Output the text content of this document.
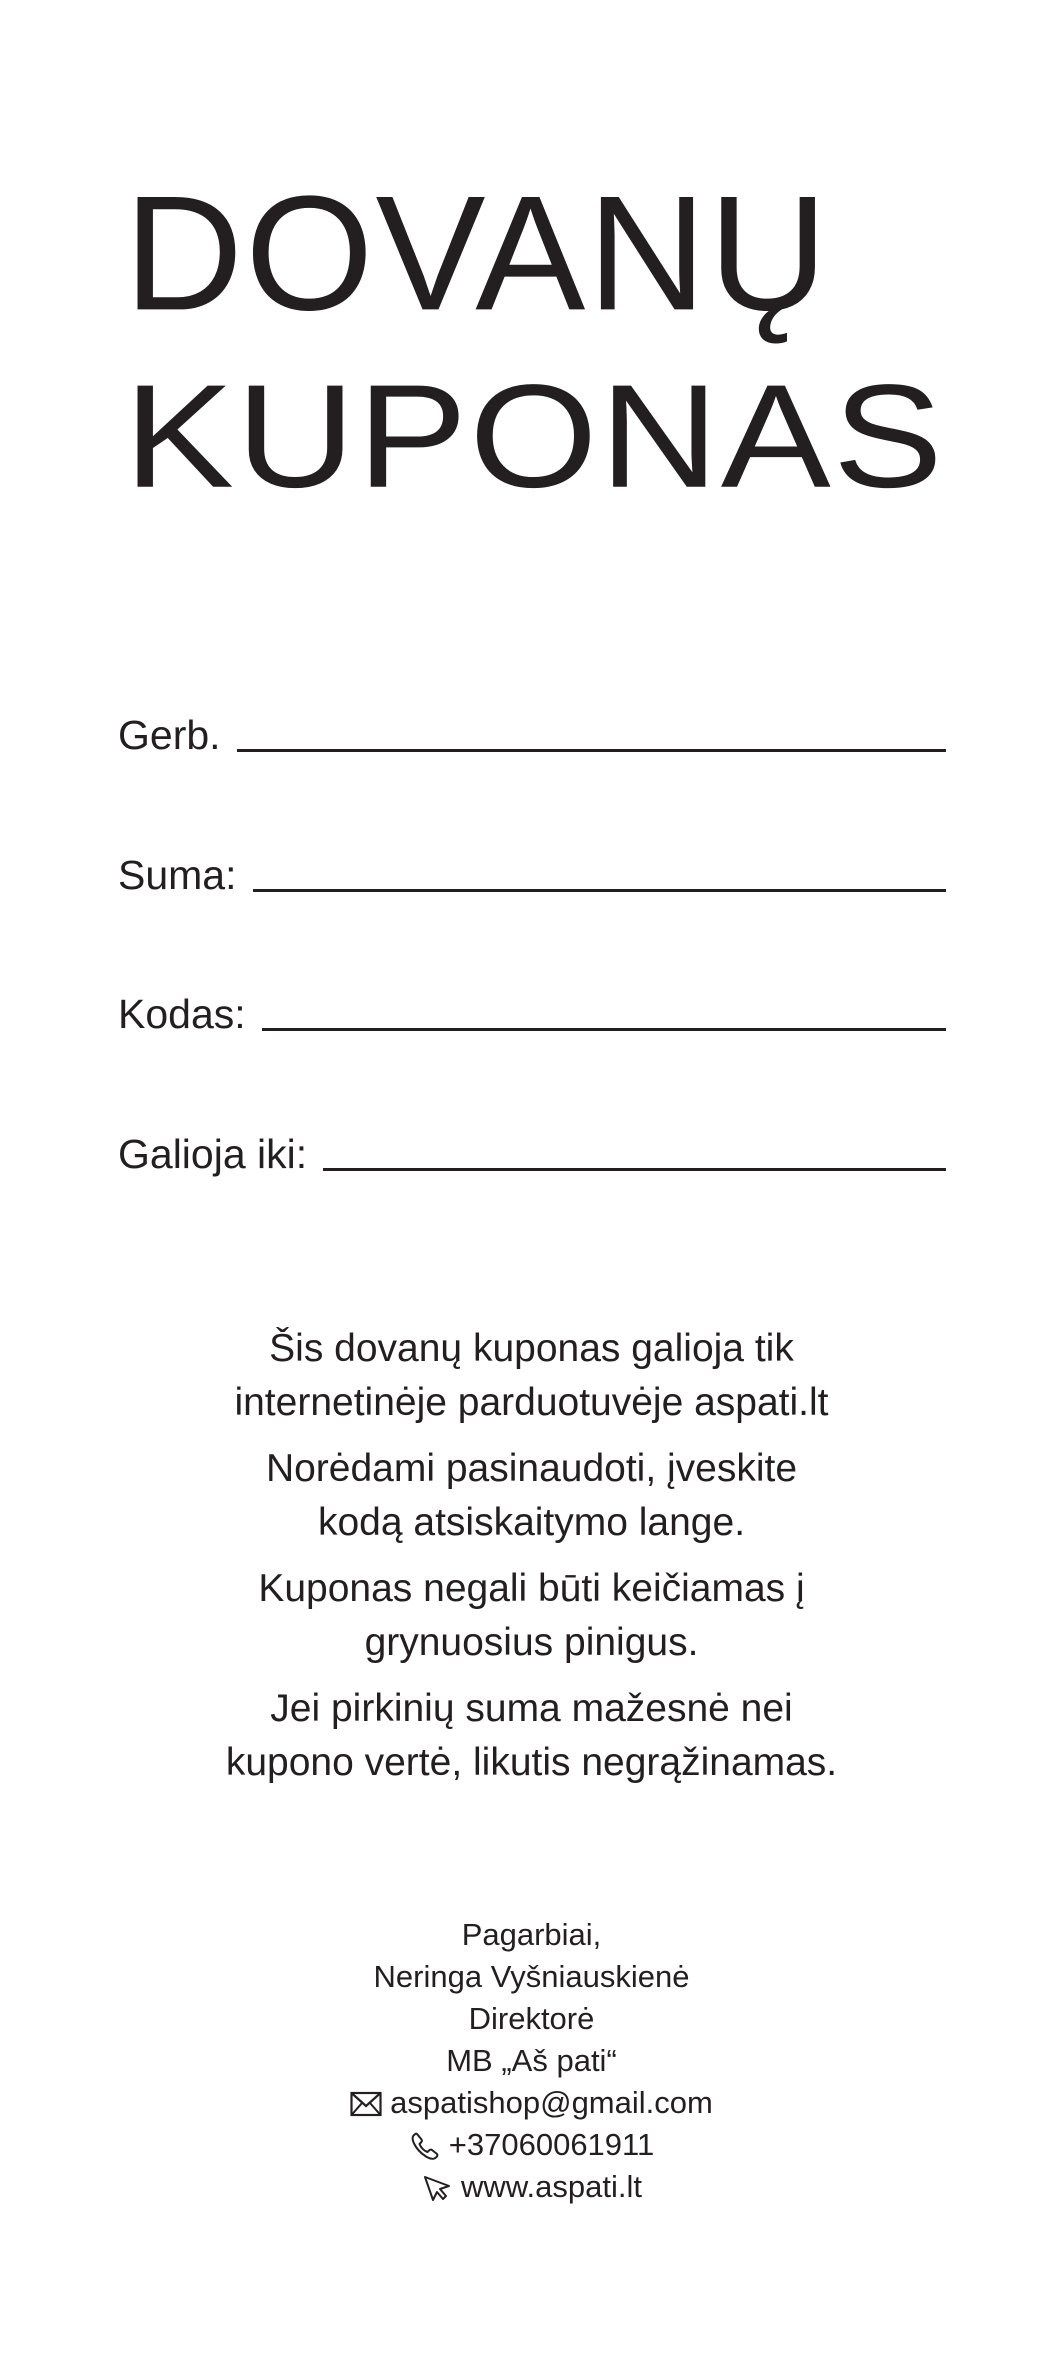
DOVANŲ
KUPONAS
Gerb.
Suma:
Kodas:
Galioja iki:

Šis dovanų kuponas galioja tik
internetinėje parduotuvėje aspati.lt

Norėdami pasinaudoti, įveskite
kodą atsiskaitymo lange.

Kuponas negali būti keičiamas į
grynuosius pinigus.

Jei pirkinių suma mažesnė nei
kupono vertė, likutis negrąžinamas.

Pagarbiai,
Neringa Vyšniauskienė
Direktorė
MB „Aš pati“
aspatishop@gmail.com
+37060061911
www.aspati.lt
